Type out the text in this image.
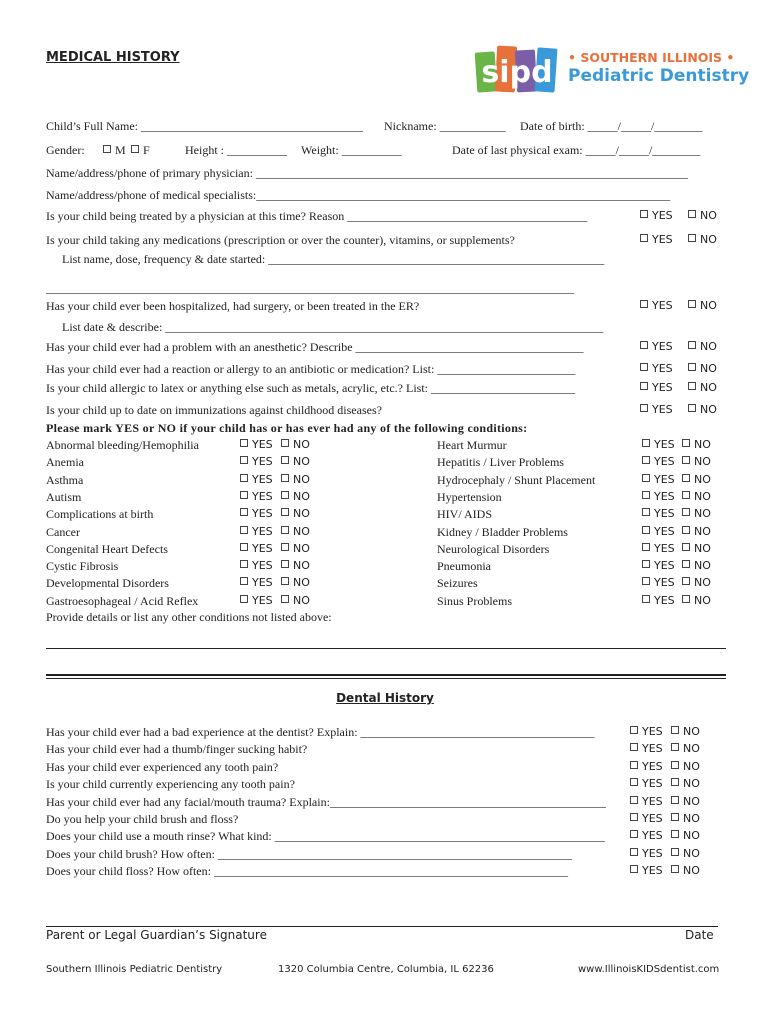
MEDICAL HISTORY	sipd • SOUTHERN ILLINOIS •
Pediatric Dentistry
Child’s Full Name: _____________________________________ Nickname: ___________ Date of birth: _____/_____/________
Gender:	M	F	Height : __________ Weight: __________	Date of last physical exam: _____/_____/________
Name/address/phone of primary physician: ________________________________________________________________________
Name/address/phone of medical specialists:_____________________________________________________________________
Is your child being treated by a physician at this time? Reason ________________________________________	YES	NO
Is your child taking any medications (prescription or over the counter), vitamins, or supplements?	YES	NO
List name, dose, frequency & date started: ________________________________________________________
________________________________________________________________________________________
Has your child ever been hospitalized, had surgery, or been treated in the ER?	YES	NO
List date & describe: _________________________________________________________________________
Has your child ever had a problem with an anesthetic? Describe ______________________________________	YES	NO
Has your child ever had a reaction or allergy to an antibiotic or medication? List: _______________________	YES	NO
Is your child allergic to latex or anything else such as metals, acrylic, etc.? List: ________________________	YES	NO
Is your child up to date on immunizations against childhood diseases?	YES	NO
Please mark YES or NO if your child has or has ever had any of the following conditions:
Abnormal bleeding/Hemophilia	YES	NO
Anemia	YES	NO
Asthma	YES	NO
Autism	YES	NO
Complications at birth	YES	NO
Cancer	YES	NO
Congenital Heart Defects	YES	NO
Cystic Fibrosis	YES	NO
Developmental Disorders	YES	NO
Gastroesophageal / Acid Reflex	YES	NO
Heart Murmur	YES	NO
Hepatitis / Liver Problems	YES	NO
Hydrocephaly / Shunt Placement	YES	NO
Hypertension	YES	NO
HIV/ AIDS	YES	NO
Kidney / Bladder Problems	YES	NO
Neurological Disorders	YES	NO
Pneumonia	YES	NO
Seizures	YES	NO
Sinus Problems	YES	NO
Provide details or list any other conditions not listed above:
Dental History
Has your child ever had a bad experience at the dentist? Explain: _______________________________________	YES	NO
Has your child ever had a thumb/finger sucking habit?	YES	NO
Has your child ever experienced any tooth pain?	YES	NO
Is your child currently experiencing any tooth pain?	YES	NO
Has your child ever had any facial/mouth trauma? Explain:______________________________________________	YES	NO
Do you help your child brush and floss?	YES	NO
Does your child use a mouth rinse? What kind: _______________________________________________________	YES	NO
Does your child brush? How often: ___________________________________________________________	YES	NO
Does your child floss? How often: ___________________________________________________________	YES	NO
Parent or Legal Guardian’s Signature	Date
Southern Illinois Pediatric Dentistry	1320 Columbia Centre, Columbia, IL 62236	www.IllinoisKIDSdentist.com
